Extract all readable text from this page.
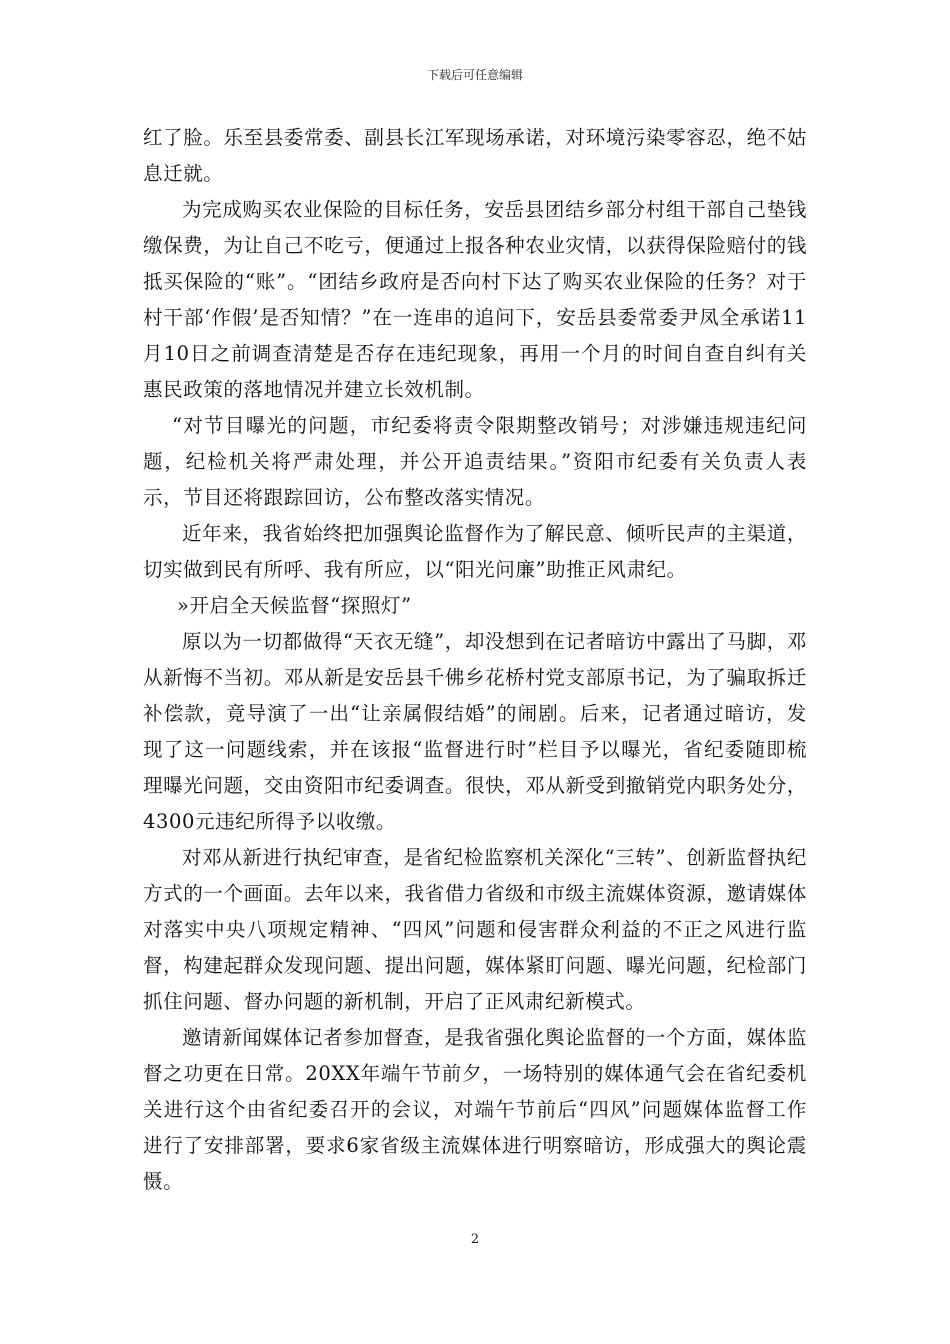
下载后可任意编辑

红了脸。乐至县委常委、副县长江军现场承诺，对环境污染零容忍，绝不姑息迁就。

为完成购买农业保险的目标任务，安岳县团结乡部分村组干部自己垫钱缴保费，为让自己不吃亏，便通过上报各种农业灾情，以获得保险赔付的钱抵买保险的“账”。“团结乡政府是否向村下达了购买农业保险的任务？对于村干部‘作假’是否知情？”在一连串的追问下，安岳县委常委尹凤全承诺11月10日之前调查清楚是否存在违纪现象，再用一个月的时间自查自纠有关惠民政策的落地情况并建立长效机制。

“对节目曝光的问题，市纪委将责令限期整改销号；对涉嫌违规违纪问题，纪检机关将严肃处理，并公开追责结果。”资阳市纪委有关负责人表示，节目还将跟踪回访，公布整改落实情况。

近年来，我省始终把加强舆论监督作为了解民意、倾听民声的主渠道，切实做到民有所呼、我有所应，以“阳光问廉”助推正风肃纪。

»开启全天候监督“探照灯”

原以为一切都做得“天衣无缝”，却没想到在记者暗访中露出了马脚，邓从新悔不当初。邓从新是安岳县千佛乡花桥村党支部原书记，为了骗取拆迁补偿款，竟导演了一出“让亲属假结婚”的闹剧。后来，记者通过暗访，发现了这一问题线索，并在该报“监督进行时”栏目予以曝光，省纪委随即梳理曝光问题，交由资阳市纪委调查。很快，邓从新受到撤销党内职务处分，4300元违纪所得予以收缴。

对邓从新进行执纪审查，是省纪检监察机关深化“三转”、创新监督执纪方式的一个画面。去年以来，我省借力省级和市级主流媒体资源，邀请媒体对落实中央八项规定精神、“四风”问题和侵害群众利益的不正之风进行监督，构建起群众发现问题、提出问题，媒体紧盯问题、曝光问题，纪检部门抓住问题、督办问题的新机制，开启了正风肃纪新模式。

邀请新闻媒体记者参加督查，是我省强化舆论监督的一个方面，媒体监督之功更在日常。20XX年端午节前夕，一场特别的媒体通气会在省纪委机关进行这个由省纪委召开的会议，对端午节前后“四风”问题媒体监督工作进行了安排部署，要求6家省级主流媒体进行明察暗访，形成强大的舆论震慑。

2
